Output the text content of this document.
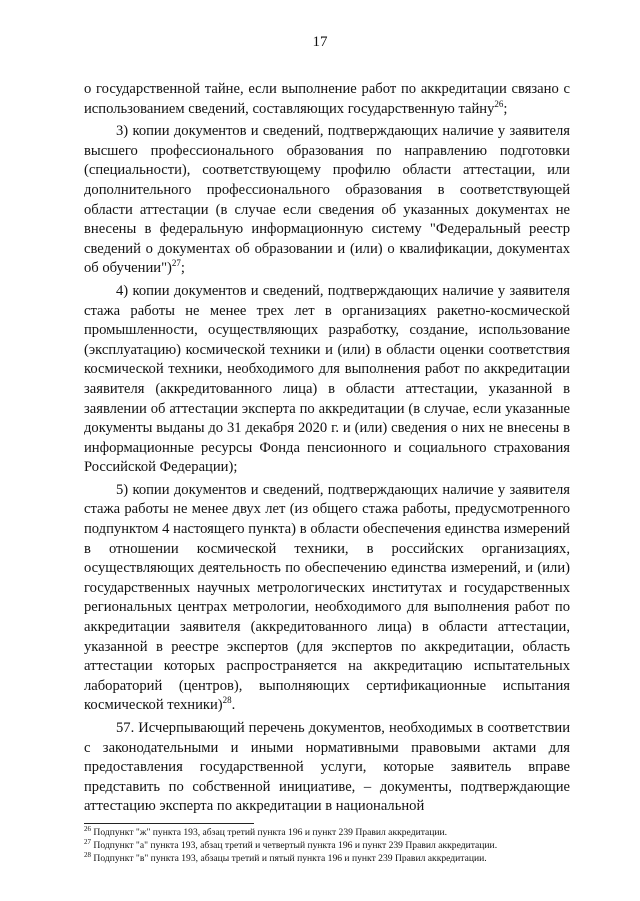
17

о государственной тайне, если выполнение работ по аккредитации связано с использованием сведений, составляющих государственную тайну$^{26}$;

3) копии документов и сведений, подтверждающих наличие у заявителя высшего профессионального образования по направлению подготовки (специальности), соответствующему профилю области аттестации, или дополнительного профессионального образования в соответствующей области аттестации (в случае если сведения об указанных документах не внесены в федеральную информационную систему "Федеральный реестр сведений о документах об образовании и (или) о квалификации, документах об обучении")$^{27}$;

4) копии документов и сведений, подтверждающих наличие у заявителя стажа работы не менее трех лет в организациях ракетно-космической промышленности, осуществляющих разработку, создание, использование (эксплуатацию) космической техники и (или) в области оценки соответствия космической техники, необходимого для выполнения работ по аккредитации заявителя (аккредитованного лица) в области аттестации, указанной в заявлении об аттестации эксперта по аккредитации (в случае, если указанные документы выданы до 31 декабря 2020 г. и (или) сведения о них не внесены в информационные ресурсы Фонда пенсионного и социального страхования Российской Федерации);

5) копии документов и сведений, подтверждающих наличие у заявителя стажа работы не менее двух лет (из общего стажа работы, предусмотренного подпунктом 4 настоящего пункта) в области обеспечения единства измерений в отношении космической техники, в российских организациях, осуществляющих деятельность по обеспечению единства измерений, и (или) государственных научных метрологических институтах и государственных региональных центрах метрологии, необходимого для выполнения работ по аккредитации заявителя (аккредитованного лица) в области аттестации, указанной в реестре экспертов (для экспертов по аккредитации, область аттестации которых распространяется на аккредитацию испытательных лабораторий (центров), выполняющих сертификационные испытания космической техники)$^{28}$.

57. Исчерпывающий перечень документов, необходимых в соответствии с законодательными и иными нормативными правовыми актами для предоставления государственной услуги, которые заявитель вправе представить по собственной инициативе, – документы, подтверждающие аттестацию эксперта по аккредитации в национальной

$^{26}$ Подпункт "ж" пункта 193, абзац третий пункта 196 и пункт 239 Правил аккредитации.

$^{27}$ Подпункт "а" пункта 193, абзац третий и четвертый пункта 196 и пункт 239 Правил аккредитации.

$^{28}$ Подпункт "в" пункта 193, абзацы третий и пятый пункта 196 и пункт 239 Правил аккредитации.
